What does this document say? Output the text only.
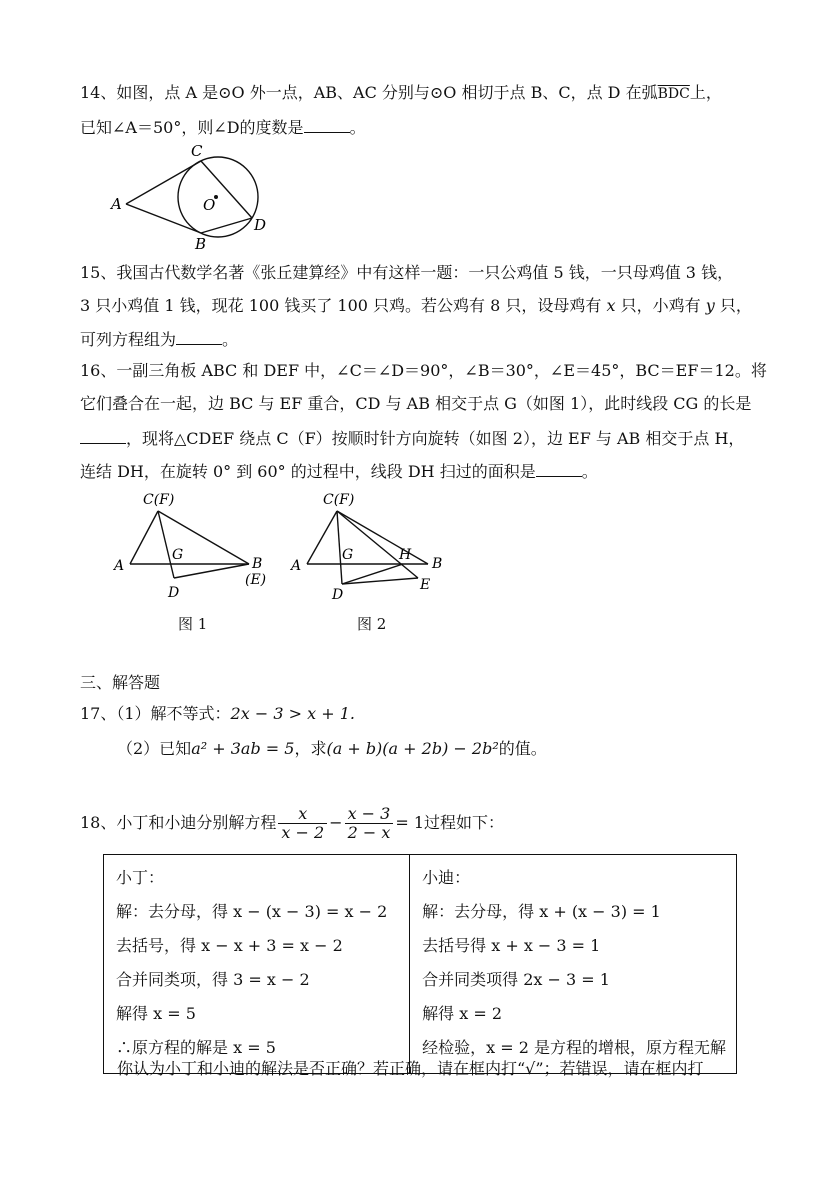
14、如图，点 A 是⊙O 外一点，AB、AC 分别与⊙O 相切于点 B、C，点 D 在弧$\overline{BDC}$上，
已知∠A＝50°，则∠D的度数是	。
A
C
O
D
B
15、我国古代数学名著《张丘建算经》中有这样一题：一只公鸡值 5 钱，一只母鸡值 3 钱，
3 只小鸡值 1 钱，现花 100 钱买了 100 只鸡。若公鸡有 8 只，设母鸡有 x 只，小鸡有 y 只，
可列方程组为	。
16、一副三角板 ABC 和 DEF 中，∠C＝∠D＝90°，∠B＝30°，∠E＝45°，BC＝EF＝12。将
它们叠合在一起，边 BC 与 EF 重合，CD 与 AB 相交于点 G（如图 1），此时线段 CG 的长是
，现将△CDEF 绕点 C（F）按顺时针方向旋转（如图 2），边 EF 与 AB 相交于点 H，
连结 DH，在旋转 0° 到 60° 的过程中，线段 DH 扫过的面积是	。
C(F)
A
G
B
(E)
D
图 1
C(F)
A
G	H
B
E
D
图 2
三、解答题
17、（1）解不等式：2x − 3 > x + 1.
（2）已知a² + 3ab = 5，求(a + b)(a + 2b) − 2b²的值。
18、小丁和小迪分别解方程 $\frac{x}{x - 2} - \frac{x - 3}{2 - x} = 1$过程如下：
小丁：
解：去分母，得 x − (x − 3) = x − 2
去括号，得 x − x + 3 = x − 2
合并同类项，得 3 = x − 2
解得 x = 5
∴原方程的解是 x = 5

小迪：
解：去分母，得 x + (x − 3) = 1
去括号得 x + x − 3 = 1
合并同类项得 2x − 3 = 1
解得 x = 2
经检验，x = 2 是方程的增根，原方程无解
你认为小丁和小迪的解法是否正确？若正确，请在框内打“√”；若错误，请在框内打
